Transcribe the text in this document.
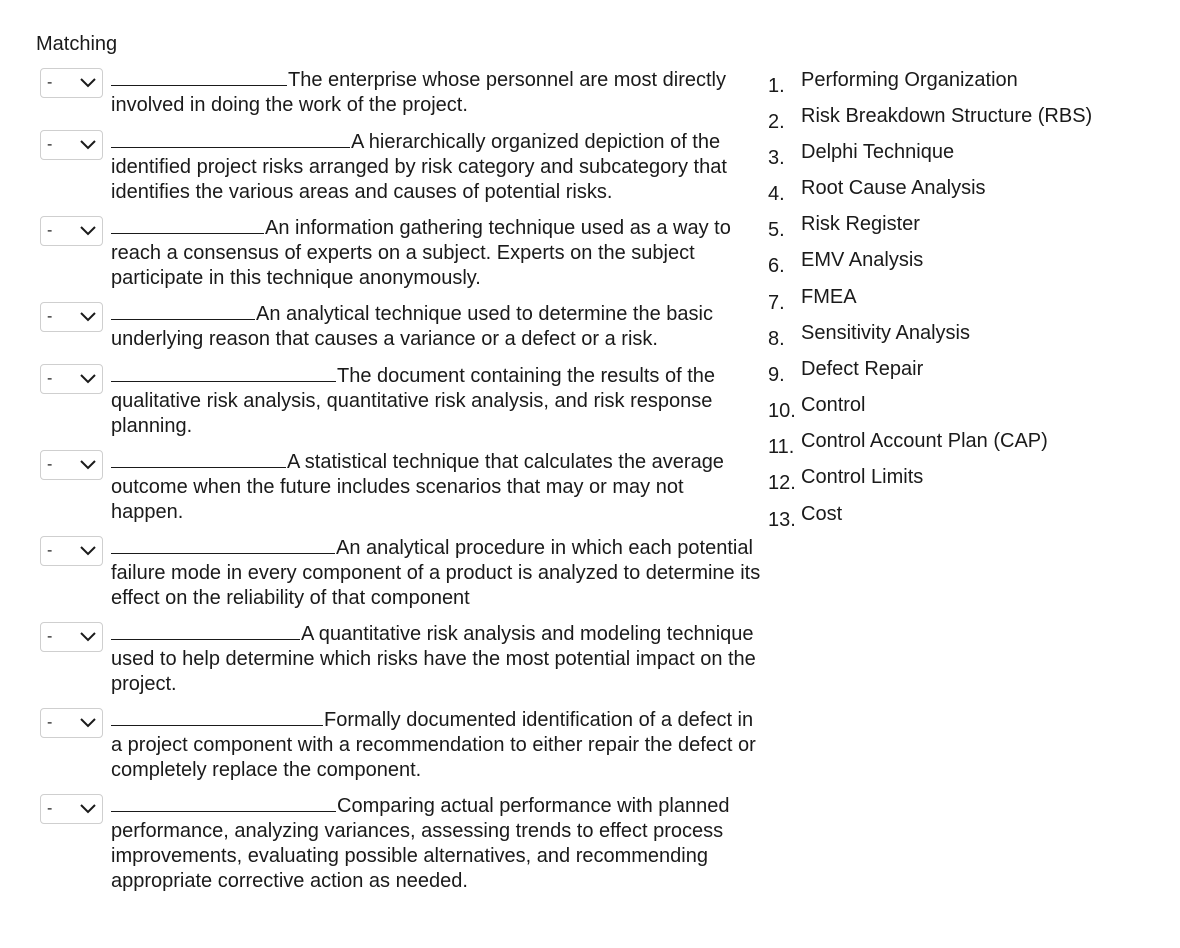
Matching
-	The enterprise whose personnel are most directly involved in doing the work of the project.
-	A hierarchically organized depiction of the identified project risks arranged by risk category and subcategory that identifies the various areas and causes of potential risks.
-	An information gathering technique used as a way to reach a consensus of experts on a subject. Experts on the subject participate in this technique anonymously.
-	An analytical technique used to determine the basic underlying reason that causes a variance or a defect or a risk.
-	The document containing the results of the qualitative risk analysis, quantitative risk analysis, and risk response planning.
-	A statistical technique that calculates the average outcome when the future includes scenarios that may or may not happen.
-	An analytical procedure in which each potential failure mode in every component of a product is analyzed to determine its effect on the reliability of that component
-	A quantitative risk analysis and modeling technique used to help determine which risks have the most potential impact on the project.
-	Formally documented identification of a defect in a project component with a recommendation to either repair the defect or completely replace the component.
-	Comparing actual performance with planned performance, analyzing variances, assessing trends to effect process improvements, evaluating possible alternatives, and recommending appropriate corrective action as needed.
1. Performing Organization
2. Risk Breakdown Structure (RBS)
3. Delphi Technique
4. Root Cause Analysis
5. Risk Register
6. EMV Analysis
7. FMEA
8. Sensitivity Analysis
9. Defect Repair
10. Control
11. Control Account Plan (CAP)
12. Control Limits
13. Cost
